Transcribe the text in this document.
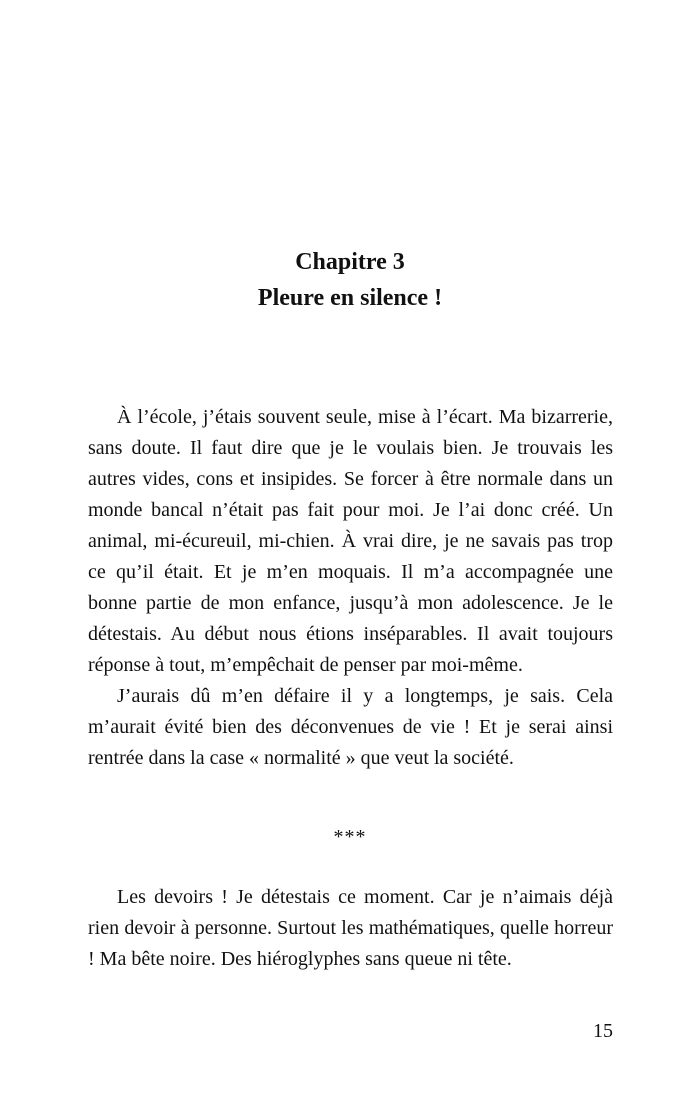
Chapitre 3
Pleure en silence !

À l’école, j’étais souvent seule, mise à l’écart. Ma bizarrerie, sans doute. Il faut dire que je le voulais bien. Je trouvais les autres vides, cons et insipides. Se forcer à être normale dans un monde bancal n’était pas fait pour moi. Je l’ai donc créé. Un animal, mi-écureuil, mi-chien. À vrai dire, je ne savais pas trop ce qu’il était. Et je m’en moquais. Il m’a accompagnée une bonne partie de mon enfance, jusqu’à mon adolescence. Je le détestais. Au début nous étions inséparables. Il avait toujours réponse à tout, m’empêchait de penser par moi-même.

J’aurais dû m’en défaire il y a longtemps, je sais. Cela m’aurait évité bien des déconvenues de vie ! Et je serai ainsi rentrée dans la case « normalité » que veut la société.

***

Les devoirs ! Je détestais ce moment. Car je n’aimais déjà rien devoir à personne. Surtout les mathématiques, quelle horreur ! Ma bête noire. Des hiéroglyphes sans queue ni tête.

15
